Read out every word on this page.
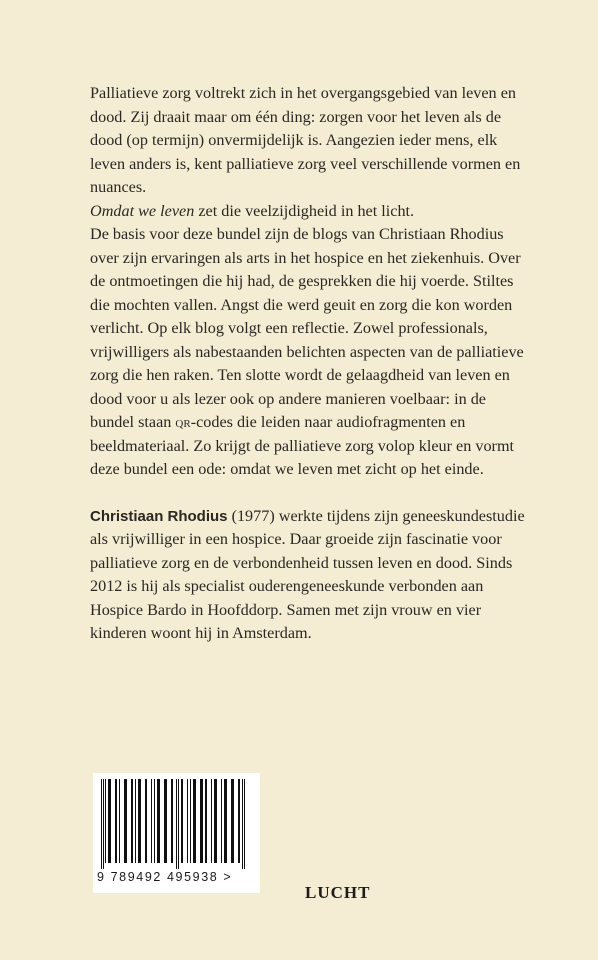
Palliatieve zorg voltrekt zich in het overgangsgebied van leven en dood. Zij draait maar om één ding: zorgen voor het leven als de dood (op termijn) onvermijdelijk is. Aangezien ieder mens, elk leven anders is, kent palliatieve zorg veel verschillende vormen en nuances.
Omdat we leven zet die veelzijdigheid in het licht.

De basis voor deze bundel zijn de blogs van Christiaan Rhodius over zijn ervaringen als arts in het hospice en het ziekenhuis. Over de ontmoetingen die hij had, de gesprekken die hij voerde. Stiltes die mochten vallen. Angst die werd geuit en zorg die kon worden verlicht. Op elk blog volgt een reflectie. Zowel professionals, vrijwilligers als nabestaanden belichten aspecten van de palliatieve zorg die hen raken. Ten slotte wordt de gelaagdheid van leven en dood voor u als lezer ook op andere manieren voelbaar: in de bundel staan qr-codes die leiden naar audiofragmenten en beeldmateriaal. Zo krijgt de palliatieve zorg volop kleur en vormt deze bundel een ode: omdat we leven met zicht op het einde.

Christiaan Rhodius (1977) werkte tijdens zijn geneeskundestudie als vrijwilliger in een hospice. Daar groeide zijn fascinatie voor palliatieve zorg en de verbondenheid tussen leven en dood. Sinds 2012 is hij als specialist ouderengeneeskunde verbonden aan Hospice Bardo in Hoofddorp. Samen met zijn vrouw en vier kinderen woont hij in Amsterdam.

9 789492 495938 >
LUCHT
